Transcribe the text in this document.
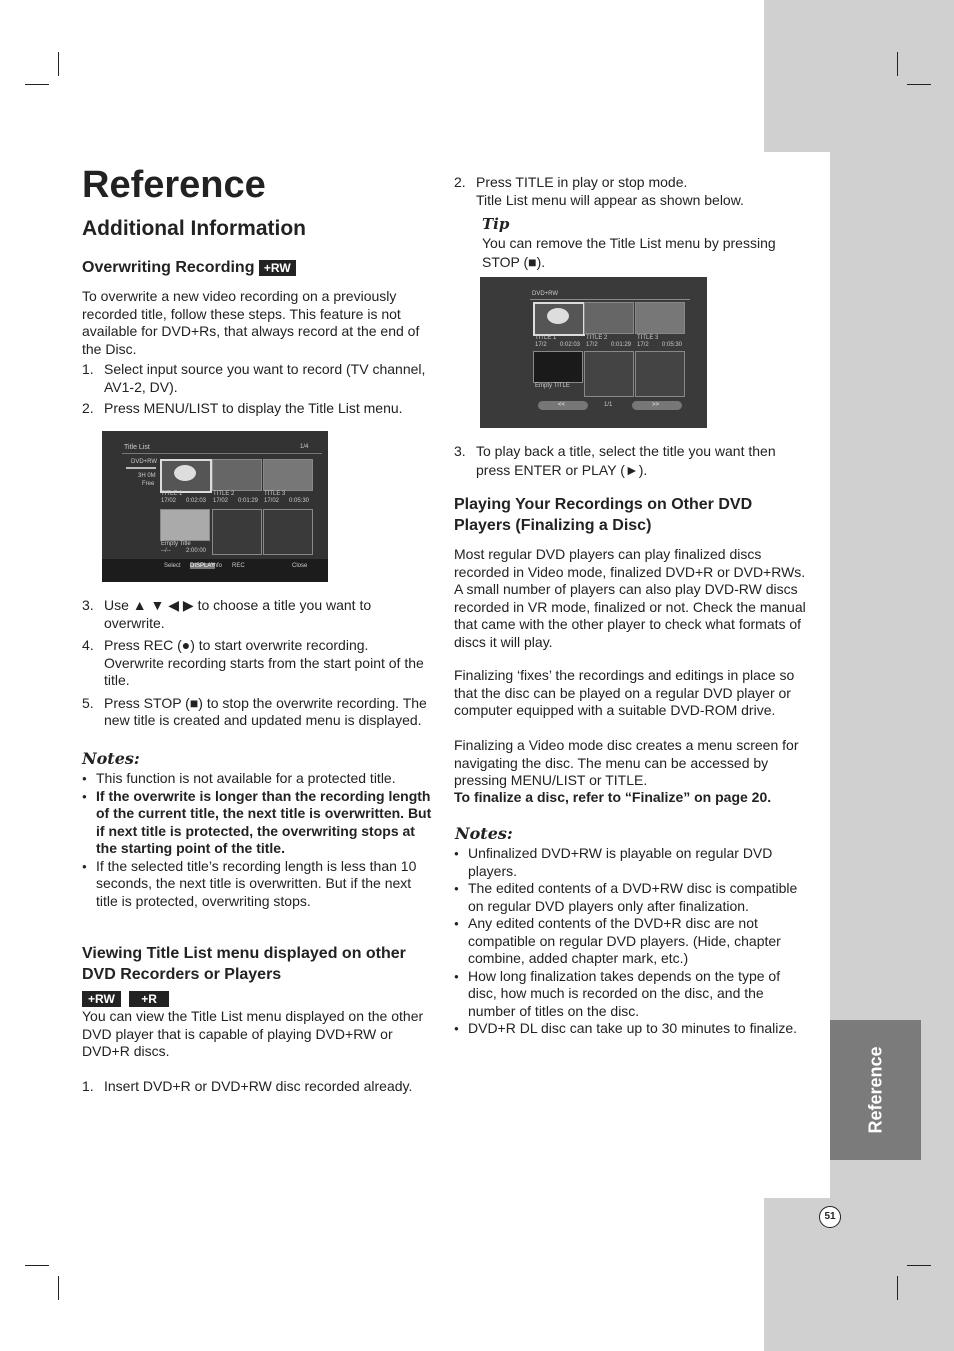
Reference
51
Reference
Additional Information
Overwriting Recording +RW
To overwrite a new video recording on a previously recorded title, follow these steps. This feature is not available for DVD+Rs, that always record at the end of the Disc.
1. Select input source you want to record (TV channel, AV1-2, DV).
2. Press MENU/LIST to display the Title List menu.
Title List	1/4
DVD+RW
3H 0M
Free
TITLE 1
17/02 0:02:03
TITLE 2
17/02 0:01:29
TITLE 3
17/02 0:05:30
Empty Title
--/--	2:00:00
Select DISPLAY
Info REC	Close
3. Use ▲ ▼ ◀ ▶ to choose a title you want to overwrite.
4. Press REC (●) to start overwrite recording. Overwrite recording starts from the start point of the title.
5. Press STOP (■) to stop the overwrite recording. The new title is created and updated menu is displayed.
Notes:
● This function is not available for a protected title.
● If the overwrite is longer than the recording length of the current title, the next title is overwritten. But if next title is protected, the overwriting stops at the starting point of the title.
● If the selected title’s recording length is less than 10 seconds, the next title is overwritten. But if the next title is protected, overwriting stops.
Viewing Title List menu displayed on other DVD Recorders or Players
+RW +R
You can view the Title List menu displayed on the other DVD player that is capable of playing DVD+RW or DVD+R discs.
1. Insert DVD+R or DVD+RW disc recorded already.
2. Press TITLE in play or stop mode.
Title List menu will appear as shown below.
Tip
You can remove the Title List menu by pressing STOP (■).
DVD+RW
TITLE 1
17/2 0:02:03
TITLE 2
17/2 0:01:29
TITLE 3
17/2 0:05:30
Empty TITLE
<<	1/1	>>
3. To play back a title, select the title you want then press ENTER or PLAY (►).
Playing Your Recordings on Other DVD Players (Finalizing a Disc)
Most regular DVD players can play finalized discs recorded in Video mode, finalized DVD+R or DVD+RWs. A small number of players can also play DVD-RW discs recorded in VR mode, finalized or not. Check the manual that came with the other player to check what formats of discs it will play.
Finalizing ‘fixes’ the recordings and editings in place so that the disc can be played on a regular DVD player or computer equipped with a suitable DVD-ROM drive.
Finalizing a Video mode disc creates a menu screen for navigating the disc. The menu can be accessed by pressing MENU/LIST or TITLE.
To finalize a disc, refer to “Finalize” on page 20.
Notes:
● Unfinalized DVD+RW is playable on regular DVD players.
● The edited contents of a DVD+RW disc is compatible on regular DVD players only after finalization.
● Any edited contents of the DVD+R disc are not compatible on regular DVD players. (Hide, chapter combine, added chapter mark, etc.)
● How long finalization takes depends on the type of disc, how much is recorded on the disc, and the number of titles on the disc.
● DVD+R DL disc can take up to 30 minutes to finalize.
